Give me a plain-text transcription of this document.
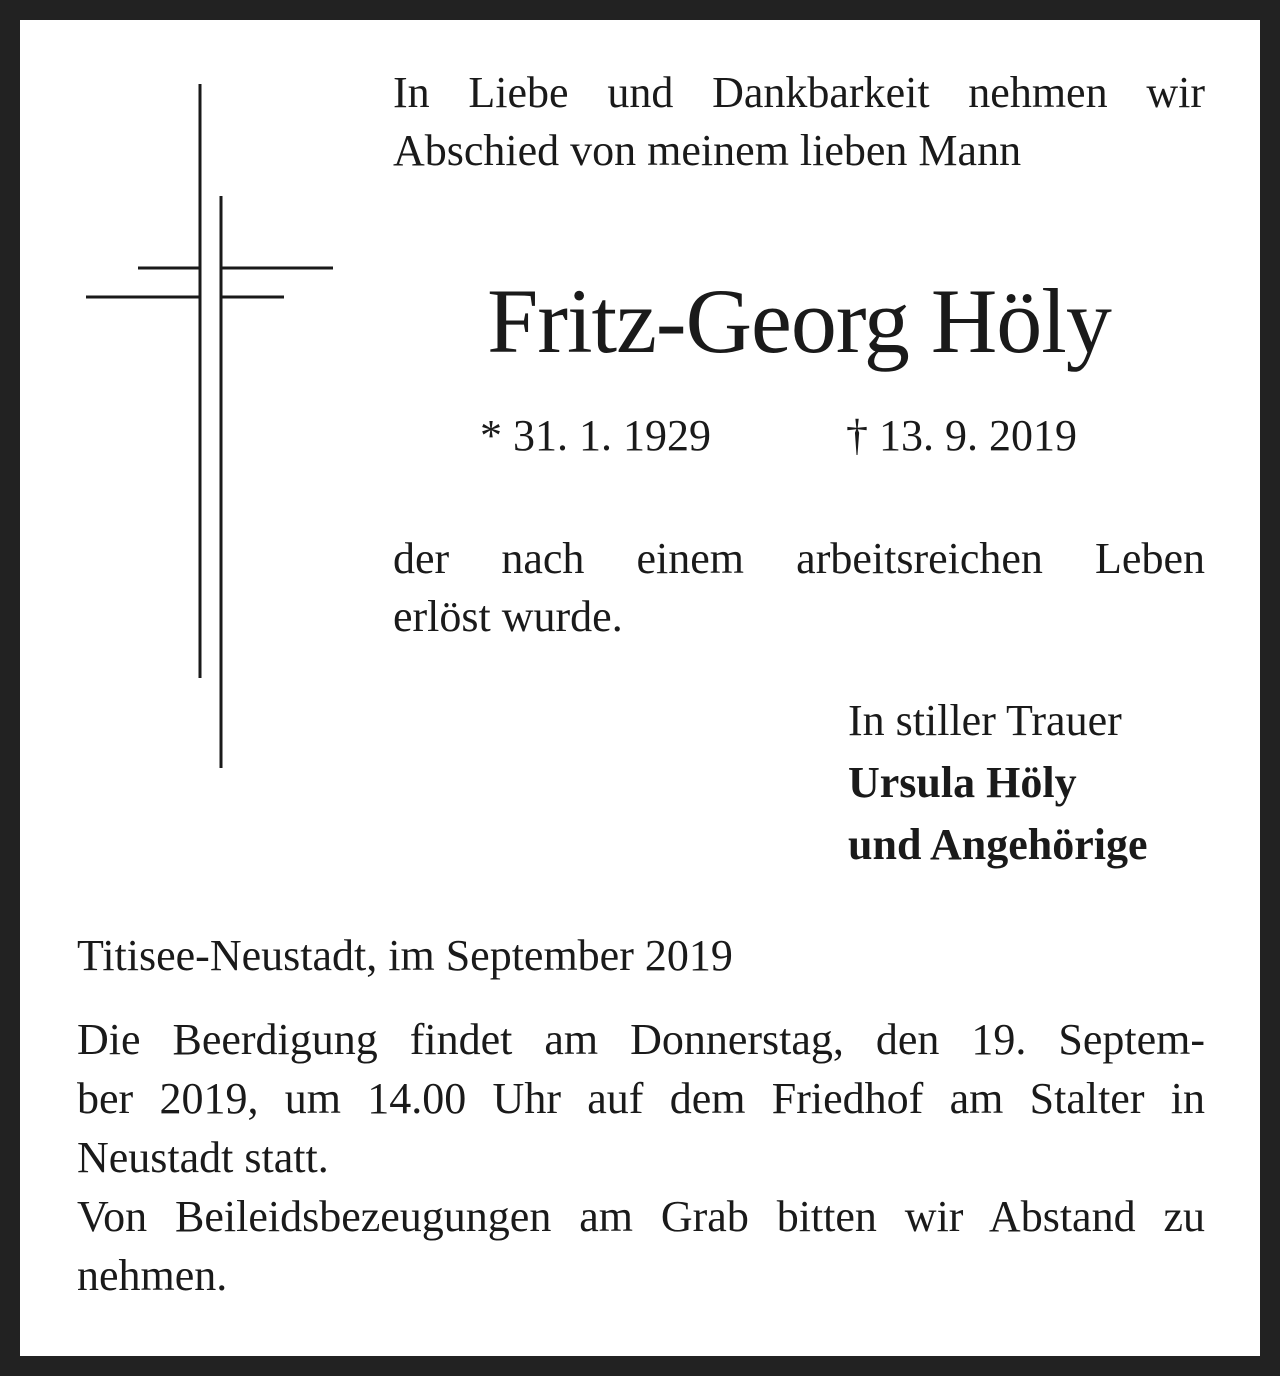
In Liebe und Dankbarkeit nehmen wir
Abschied von meinem lieben Mann
Fritz-Georg Höly
* 31. 1. 1929	† 13. 9. 2019
der nach einem arbeitsreichen Leben
erlöst wurde.
In stiller Trauer
Ursula Höly
und Angehörige
Titisee-Neustadt, im September 2019
Die Beerdigung findet am Donnerstag, den 19. Septem-
ber 2019, um 14.00 Uhr auf dem Friedhof am Stalter in
Neustadt statt.
Von Beileidsbezeugungen am Grab bitten wir Abstand zu
nehmen.
